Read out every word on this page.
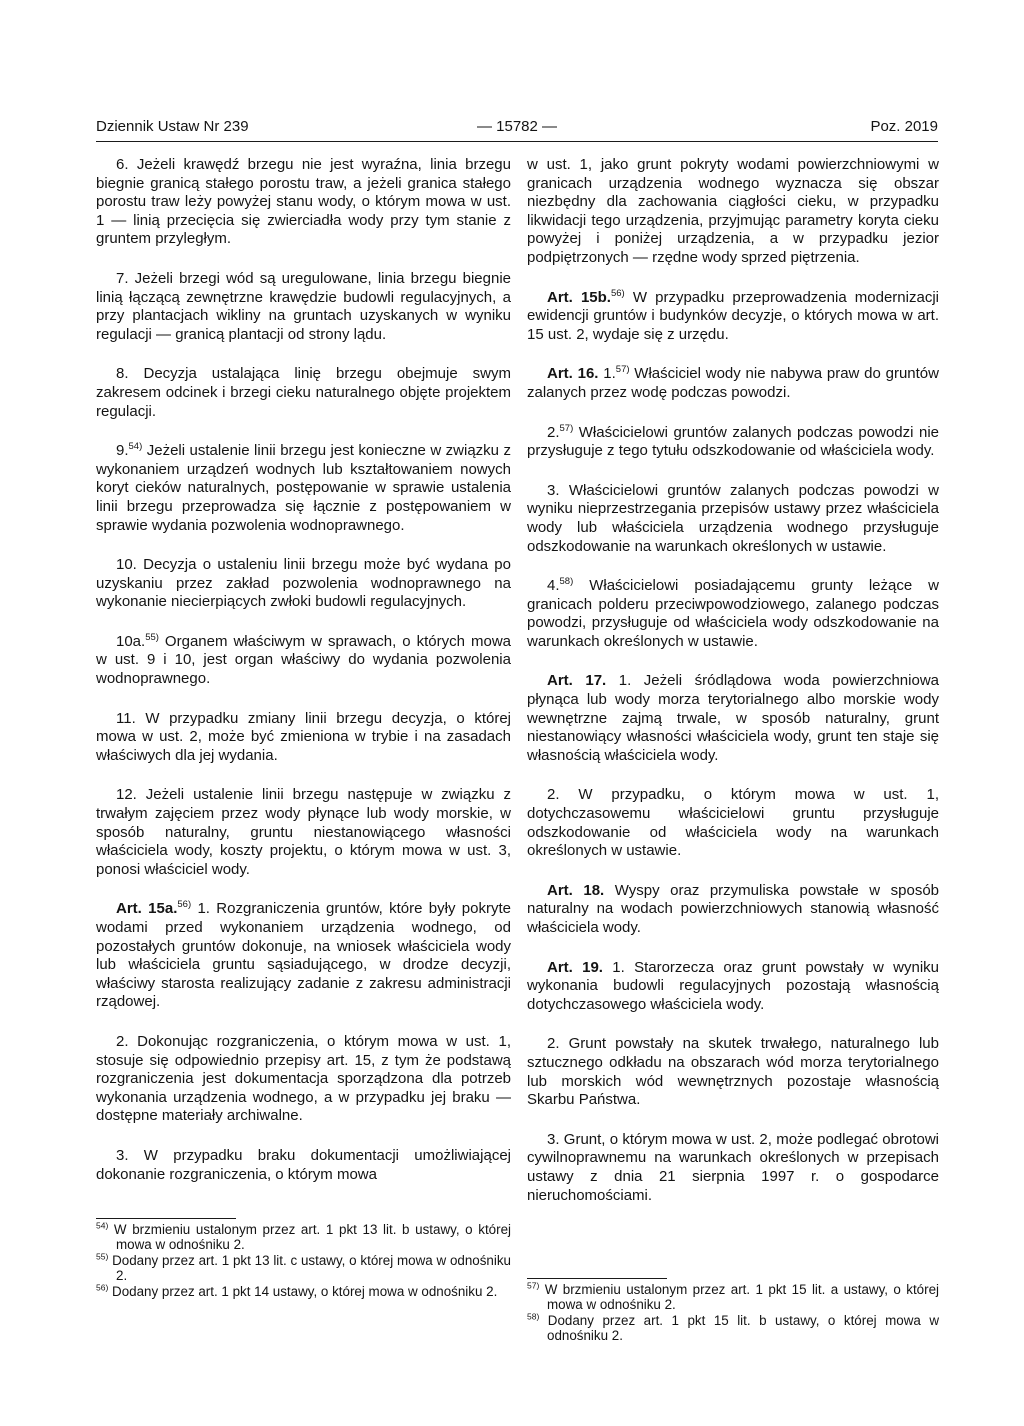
Dziennik Ustaw Nr 239	— 15782 —	Poz. 2019

6. Jeżeli krawędź brzegu nie jest wyraźna, linia brzegu biegnie granicą stałego porostu traw, a jeżeli granica stałego porostu traw leży powyżej stanu wody, o którym mowa w ust. 1 — linią przecięcia się zwierciadła wody przy tym stanie z gruntem przyległym.

7. Jeżeli brzegi wód są uregulowane, linia brzegu biegnie linią łączącą zewnętrzne krawędzie budowli regulacyjnych, a przy plantacjach wikliny na gruntach uzyskanych w wyniku regulacji — granicą plantacji od strony lądu.

8. Decyzja ustalająca linię brzegu obejmuje swym zakresem odcinek i brzegi cieku naturalnego objęte projektem regulacji.

9.$^{54)}$ Jeżeli ustalenie linii brzegu jest konieczne w związku z wykonaniem urządzeń wodnych lub kształtowaniem nowych koryt cieków naturalnych, postępowanie w sprawie ustalenia linii brzegu przeprowadza się łącznie z postępowaniem w sprawie wydania pozwolenia wodnoprawnego.

10. Decyzja o ustaleniu linii brzegu może być wydana po uzyskaniu przez zakład pozwolenia wodnoprawnego na wykonanie niecierpiących zwłoki budowli regulacyjnych.

10a.$^{55)}$ Organem właściwym w sprawach, o których mowa w ust. 9 i 10, jest organ właściwy do wydania pozwolenia wodnoprawnego.

11. W przypadku zmiany linii brzegu decyzja, o której mowa w ust. 2, może być zmieniona w trybie i na zasadach właściwych dla jej wydania.

12. Jeżeli ustalenie linii brzegu następuje w związku z trwałym zajęciem przez wody płynące lub wody morskie, w sposób naturalny, gruntu niestanowiącego własności właściciela wody, koszty projektu, o którym mowa w ust. 3, ponosi właściciel wody.

Art. 15a.$^{56)}$ 1. Rozgraniczenia gruntów, które były pokryte wodami przed wykonaniem urządzenia wodnego, od pozostałych gruntów dokonuje, na wniosek właściciela wody lub właściciela gruntu sąsiadującego, w drodze decyzji, właściwy starosta realizujący zadanie z zakresu administracji rządowej.

2. Dokonując rozgraniczenia, o którym mowa w ust. 1, stosuje się odpowiednio przepisy art. 15, z tym że podstawą rozgraniczenia jest dokumentacja sporządzona dla potrzeb wykonania urządzenia wodnego, a w przypadku jej braku — dostępne materiały archiwalne.

3. W przypadku braku dokumentacji umożliwiającej dokonanie rozgraniczenia, o którym mowa

w ust. 1, jako grunt pokryty wodami powierzchniowymi w granicach urządzenia wodnego wyznacza się obszar niezbędny dla zachowania ciągłości cieku, w przypadku likwidacji tego urządzenia, przyjmując parametry koryta cieku powyżej i poniżej urządzenia, a w przypadku jezior podpiętrzonych — rzędne wody sprzed piętrzenia.

Art. 15b.$^{56)}$ W przypadku przeprowadzenia modernizacji ewidencji gruntów i budynków decyzje, o których mowa w art. 15 ust. 2, wydaje się z urzędu.

Art. 16. 1.$^{57)}$ Właściciel wody nie nabywa praw do gruntów zalanych przez wodę podczas powodzi.

2.$^{57)}$ Właścicielowi gruntów zalanych podczas powodzi nie przysługuje z tego tytułu odszkodowanie od właściciela wody.

3. Właścicielowi gruntów zalanych podczas powodzi w wyniku nieprzestrzegania przepisów ustawy przez właściciela wody lub właściciela urządzenia wodnego przysługuje odszkodowanie na warunkach określonych w ustawie.

4.$^{58)}$ Właścicielowi posiadającemu grunty leżące w granicach polderu przeciwpowodziowego, zalanego podczas powodzi, przysługuje od właściciela wody odszkodowanie na warunkach określonych w ustawie.

Art. 17. 1. Jeżeli śródlądowa woda powierzchniowa płynąca lub wody morza terytorialnego albo morskie wody wewnętrzne zajmą trwale, w sposób naturalny, grunt niestanowiący własności właściciela wody, grunt ten staje się własnością właściciela wody.

2. W przypadku, o którym mowa w ust. 1, dotychczasowemu właścicielowi gruntu przysługuje odszkodowanie od właściciela wody na warunkach określonych w ustawie.

Art. 18. Wyspy oraz przymuliska powstałe w sposób naturalny na wodach powierzchniowych stanowią własność właściciela wody.

Art. 19. 1. Starorzecza oraz grunt powstały w wyniku wykonania budowli regulacyjnych pozostają własnością dotychczasowego właściciela wody.

2. Grunt powstały na skutek trwałego, naturalnego lub sztucznego odkładu na obszarach wód morza terytorialnego lub morskich wód wewnętrznych pozostaje własnością Skarbu Państwa.

3. Grunt, o którym mowa w ust. 2, może podlegać obrotowi cywilnoprawnemu na warunkach określonych w przepisach ustawy z dnia 21 sierpnia 1997 r. o gospodarce nieruchomościami.

$^{54)}$ W brzmieniu ustalonym przez art. 1 pkt 13 lit. b ustawy, o której mowa w odnośniku 2.

$^{55)}$ Dodany przez art. 1 pkt 13 lit. c ustawy, o której mowa w odnośniku 2.

$^{56)}$ Dodany przez art. 1 pkt 14 ustawy, o której mowa w odnośniku 2.	$^{57)}$ W brzmieniu ustalonym przez art. 1 pkt 15 lit. a ustawy, o której mowa w odnośniku 2.

$^{58)}$ Dodany przez art. 1 pkt 15 lit. b ustawy, o której mowa w odnośniku 2.
